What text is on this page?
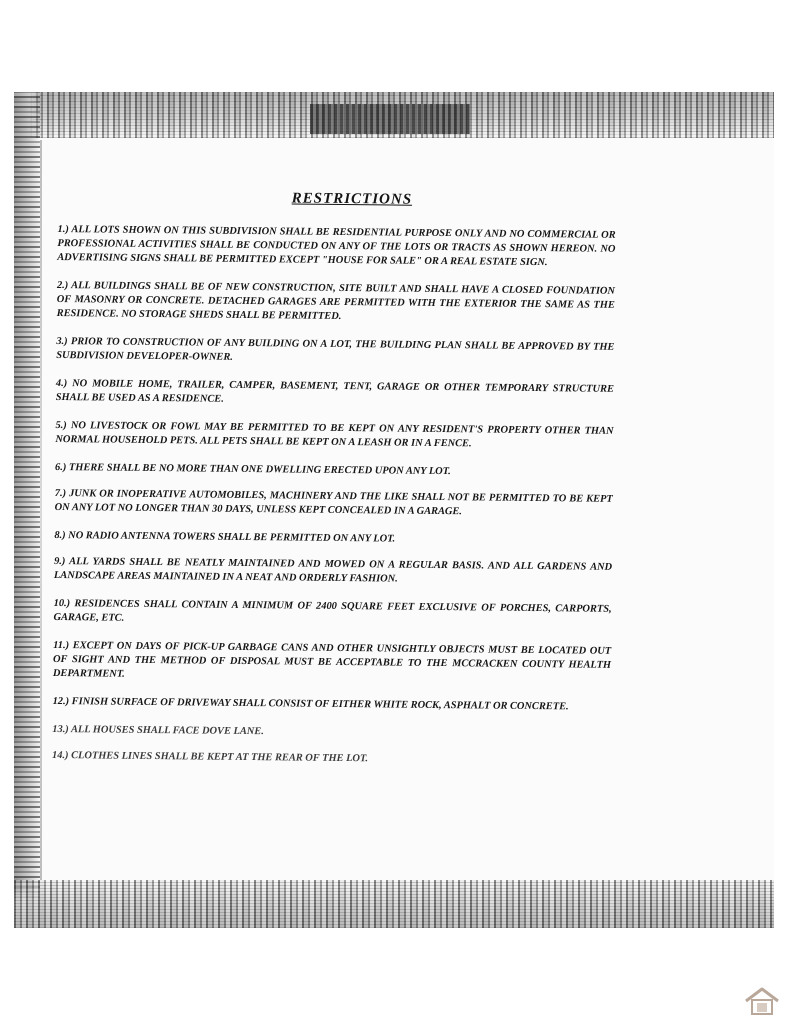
RESTRICTIONS

1.) ALL LOTS SHOWN ON THIS SUBDIVISION SHALL BE RESIDENTIAL PURPOSE ONLY AND NO COMMERCIAL OR PROFESSIONAL ACTIVITIES SHALL BE CONDUCTED ON ANY OF THE LOTS OR TRACTS AS SHOWN HEREON. NO ADVERTISING SIGNS SHALL BE PERMITTED EXCEPT "HOUSE FOR SALE" OR A REAL ESTATE SIGN.

2.) ALL BUILDINGS SHALL BE OF NEW CONSTRUCTION, SITE BUILT AND SHALL HAVE A CLOSED FOUNDATION OF MASONRY OR CONCRETE. DETACHED GARAGES ARE PERMITTED WITH THE EXTERIOR THE SAME AS THE RESIDENCE. NO STORAGE SHEDS SHALL BE PERMITTED.

3.) PRIOR TO CONSTRUCTION OF ANY BUILDING ON A LOT, THE BUILDING PLAN SHALL BE APPROVED BY THE SUBDIVISION DEVELOPER-OWNER.

4.) NO MOBILE HOME, TRAILER, CAMPER, BASEMENT, TENT, GARAGE OR OTHER TEMPORARY STRUCTURE SHALL BE USED AS A RESIDENCE.

5.) NO LIVESTOCK OR FOWL MAY BE PERMITTED TO BE KEPT ON ANY RESIDENT'S PROPERTY OTHER THAN NORMAL HOUSEHOLD PETS. ALL PETS SHALL BE KEPT ON A LEASH OR IN A FENCE.

6.) THERE SHALL BE NO MORE THAN ONE DWELLING ERECTED UPON ANY LOT.

7.) JUNK OR INOPERATIVE AUTOMOBILES, MACHINERY AND THE LIKE SHALL NOT BE PERMITTED TO BE KEPT ON ANY LOT NO LONGER THAN 30 DAYS, UNLESS KEPT CONCEALED IN A GARAGE.

8.) NO RADIO ANTENNA TOWERS SHALL BE PERMITTED ON ANY LOT.

9.) ALL YARDS SHALL BE NEATLY MAINTAINED AND MOWED ON A REGULAR BASIS. AND ALL GARDENS AND LANDSCAPE AREAS MAINTAINED IN A NEAT AND ORDERLY FASHION.

10.) RESIDENCES SHALL CONTAIN A MINIMUM OF 2400 SQUARE FEET EXCLUSIVE OF PORCHES, CARPORTS, GARAGE, ETC.

11.) EXCEPT ON DAYS OF PICK-UP GARBAGE CANS AND OTHER UNSIGHTLY OBJECTS MUST BE LOCATED OUT OF SIGHT AND THE METHOD OF DISPOSAL MUST BE ACCEPTABLE TO THE MCCRACKEN COUNTY HEALTH DEPARTMENT.

12.) FINISH SURFACE OF DRIVEWAY SHALL CONSIST OF EITHER WHITE ROCK, ASPHALT OR CONCRETE.

13.) ALL HOUSES SHALL FACE DOVE LANE.

14.) CLOTHES LINES SHALL BE KEPT AT THE REAR OF THE LOT.
